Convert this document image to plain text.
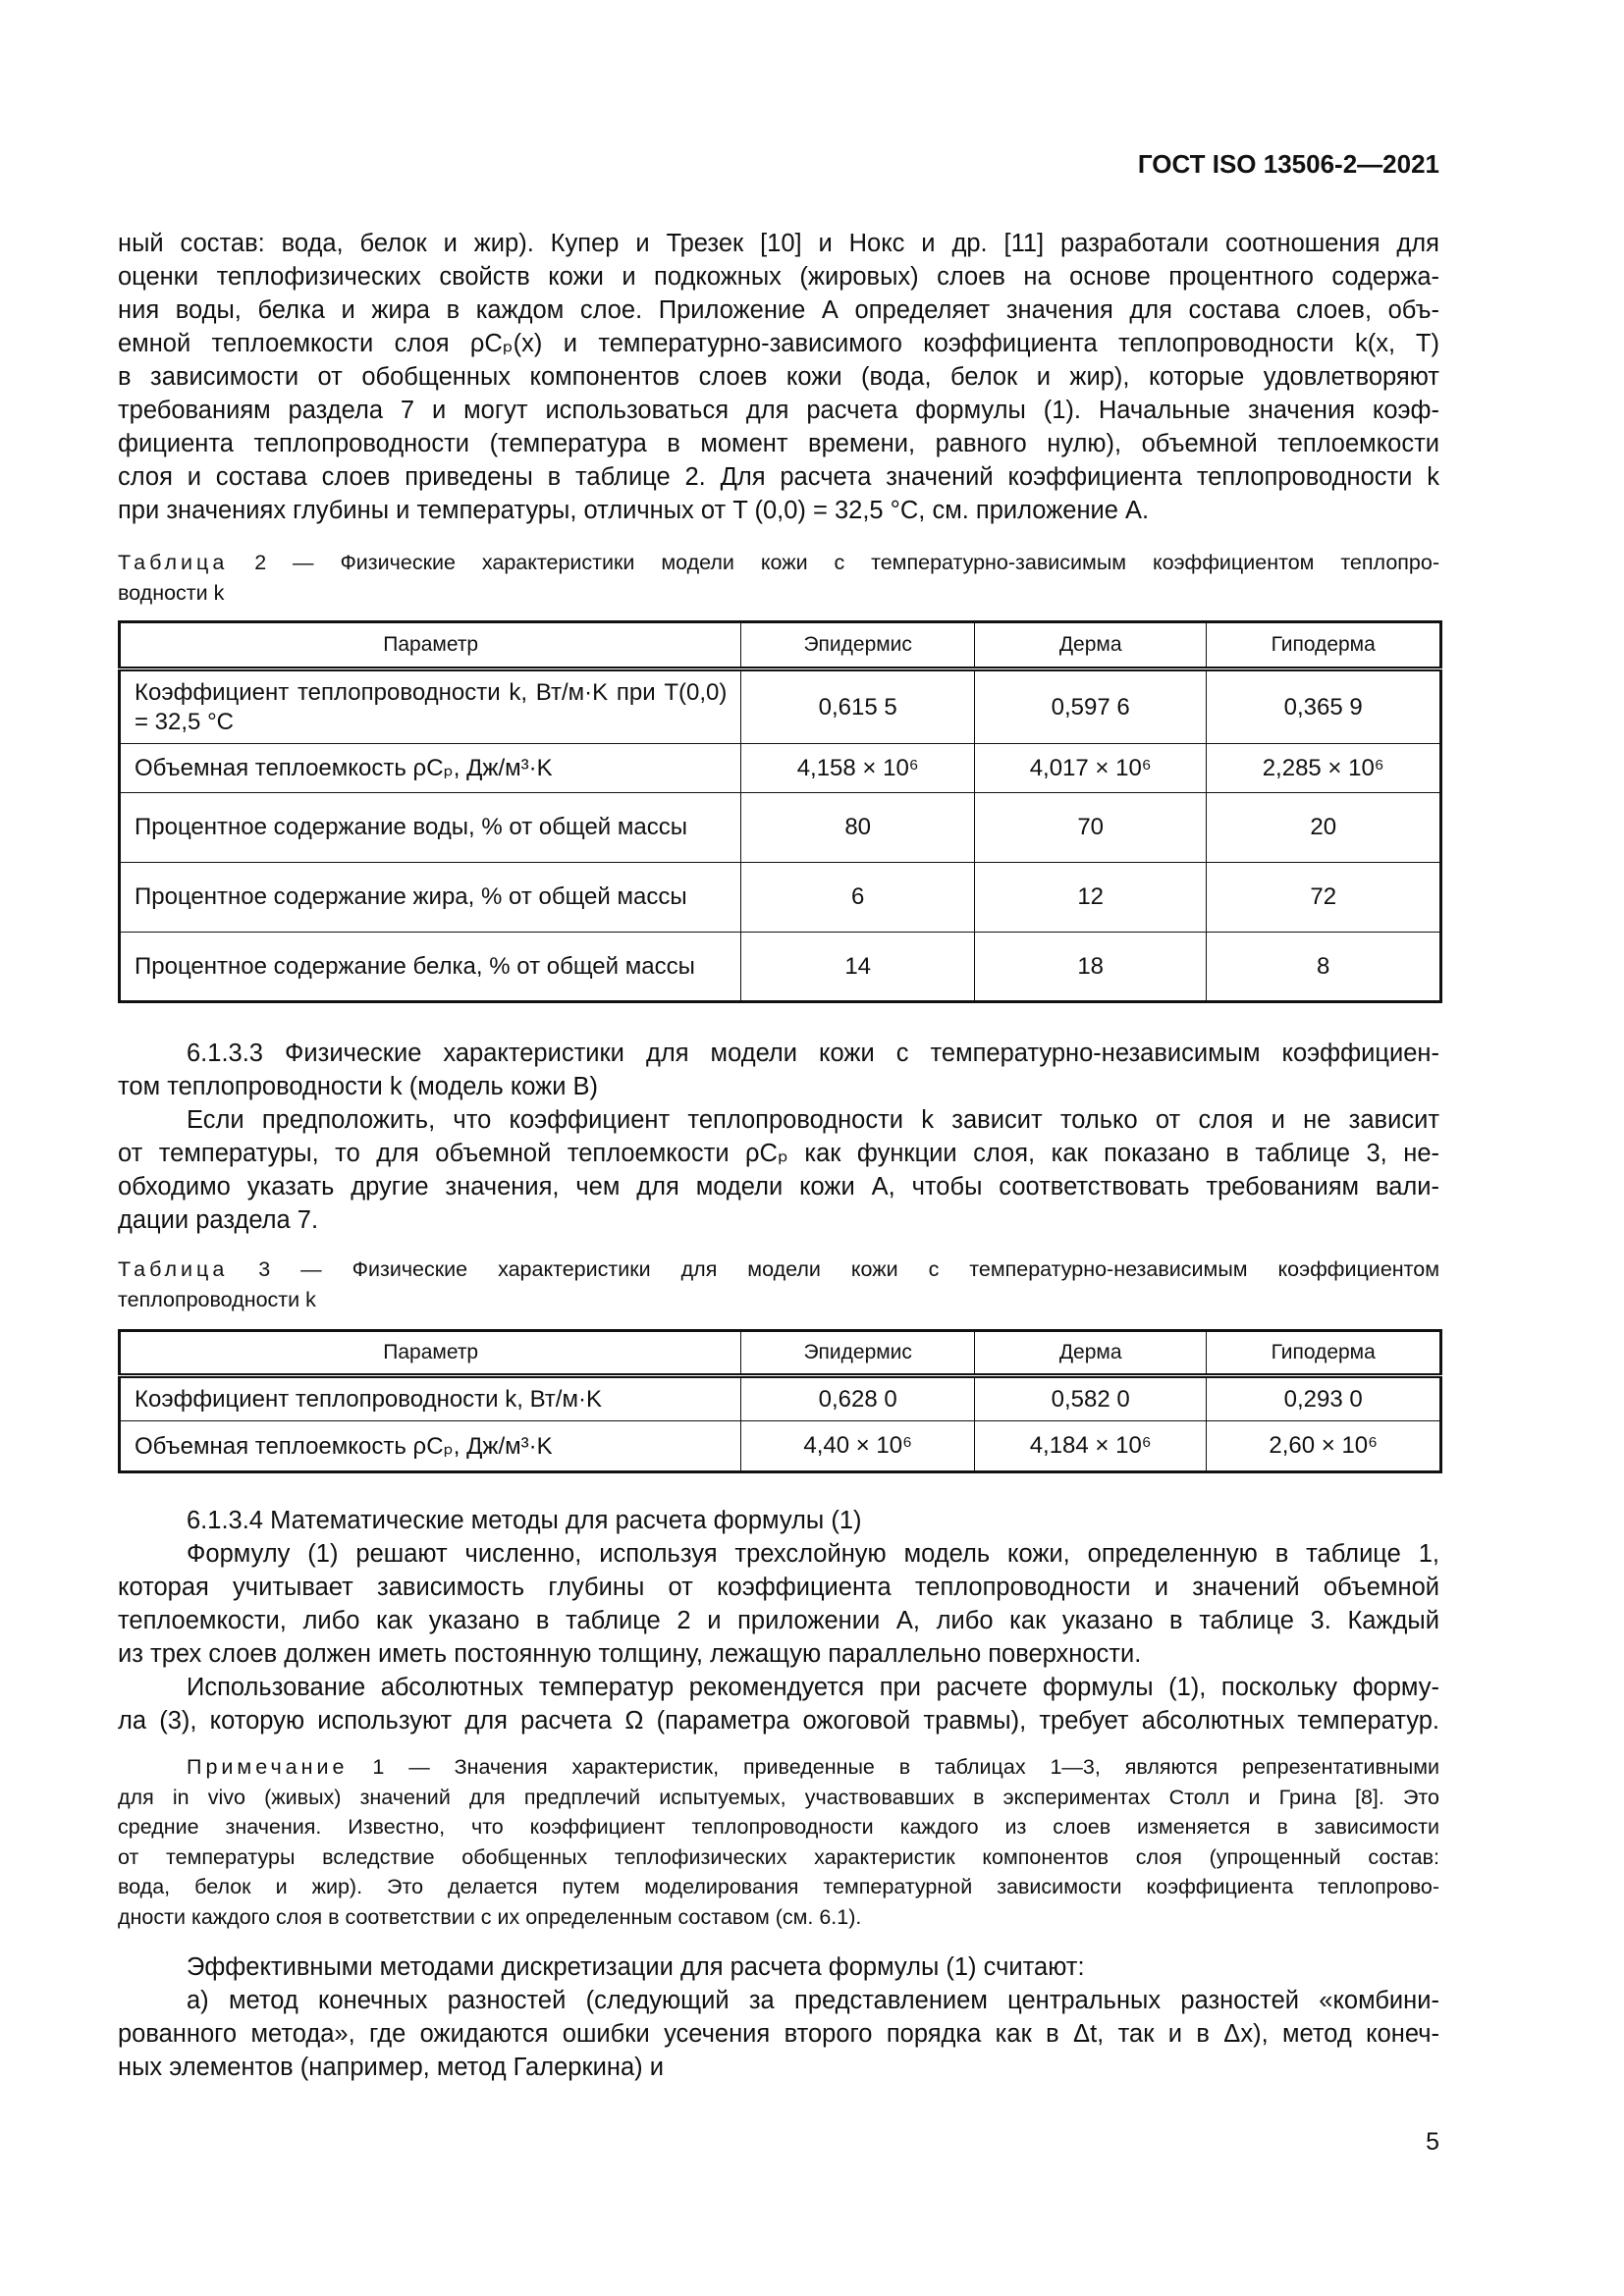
ГОСТ ISO 13506-2—2021
ный состав: вода, белок и жир). Купер и Трезек [10] и Нокс и др. [11] разработали соотношения для
оценки теплофизических свойств кожи и подкожных (жировых) слоев на основе процентного содержа-
ния воды, белка и жира в каждом слое. Приложение А определяет значения для состава слоев, объ-
емной теплоемкости слоя ρCₚ(x) и температурно-зависимого коэффициента теплопроводности k(x, T)
в зависимости от обобщенных компонентов слоев кожи (вода, белок и жир), которые удовлетворяют
требованиям раздела 7 и могут использоваться для расчета формулы (1). Начальные значения коэф-
фициента теплопроводности (температура в момент времени, равного нулю), объемной теплоемкости
слоя и состава слоев приведены в таблице 2. Для расчета значений коэффициента теплопроводности k
при значениях глубины и температуры, отличных от T (0,0) = 32,5 °С, см. приложение А.
Таблица 2 — Физические характеристики модели кожи с температурно-зависимым коэффициентом теплопро-
водности k
Параметр	Эпидермис	Дерма	Гиподерма
Коэффициент теплопроводности k, Вт/м·K при T(0,0) = 32,5 °С	0,615 5	0,597 6	0,365 9
Объемная теплоемкость ρCₚ, Дж/м³·K	4,158 × 10⁶	4,017 × 10⁶	2,285 × 10⁶
Процентное содержание воды, % от общей массы	80	70	20
Процентное содержание жира, % от общей массы	6	12	72
Процентное содержание белка, % от общей массы	14	18	8
6.1.3.3 Физические характеристики для модели кожи с температурно-независимым коэффициен-
том теплопроводности k (модель кожи В)
Если предположить, что коэффициент теплопроводности k зависит только от слоя и не зависит
от температуры, то для объемной теплоемкости ρCₚ как функции слоя, как показано в таблице 3, не-
обходимо указать другие значения, чем для модели кожи А, чтобы соответствовать требованиям вали-
дации раздела 7.
Таблица 3 — Физические характеристики для модели кожи с температурно-независимым коэффициентом
теплопроводности k
Параметр	Эпидермис	Дерма	Гиподерма
Коэффициент теплопроводности k, Вт/м·K	0,628 0	0,582 0	0,293 0
Объемная теплоемкость ρCₚ, Дж/м³·K	4,40 × 10⁶	4,184 × 10⁶	2,60 × 10⁶
6.1.3.4 Математические методы для расчета формулы (1)
Формулу (1) решают численно, используя трехслойную модель кожи, определенную в таблице 1,
которая учитывает зависимость глубины от коэффициента теплопроводности и значений объемной
теплоемкости, либо как указано в таблице 2 и приложении А, либо как указано в таблице 3. Каждый
из трех слоев должен иметь постоянную толщину, лежащую параллельно поверхности.
Использование абсолютных температур рекомендуется при расчете формулы (1), поскольку форму-
ла (3), которую используют для расчета Ω (параметра ожоговой травмы), требует абсолютных температур.
Примечание 1 — Значения характеристик, приведенные в таблицах 1—3, являются репрезентативными
для in vivo (живых) значений для предплечий испытуемых, участвовавших в экспериментах Столл и Грина [8]. Это
средние значения. Известно, что коэффициент теплопроводности каждого из слоев изменяется в зависимости
от температуры вследствие обобщенных теплофизических характеристик компонентов слоя (упрощенный состав:
вода, белок и жир). Это делается путем моделирования температурной зависимости коэффициента теплопрово-
дности каждого слоя в соответствии с их определенным составом (см. 6.1).
Эффективными методами дискретизации для расчета формулы (1) считают:
а) метод конечных разностей (следующий за представлением центральных разностей «комбини-
рованного метода», где ожидаются ошибки усечения второго порядка как в Δt, так и в Δx), метод конеч-
ных элементов (например, метод Галеркина) и
5
